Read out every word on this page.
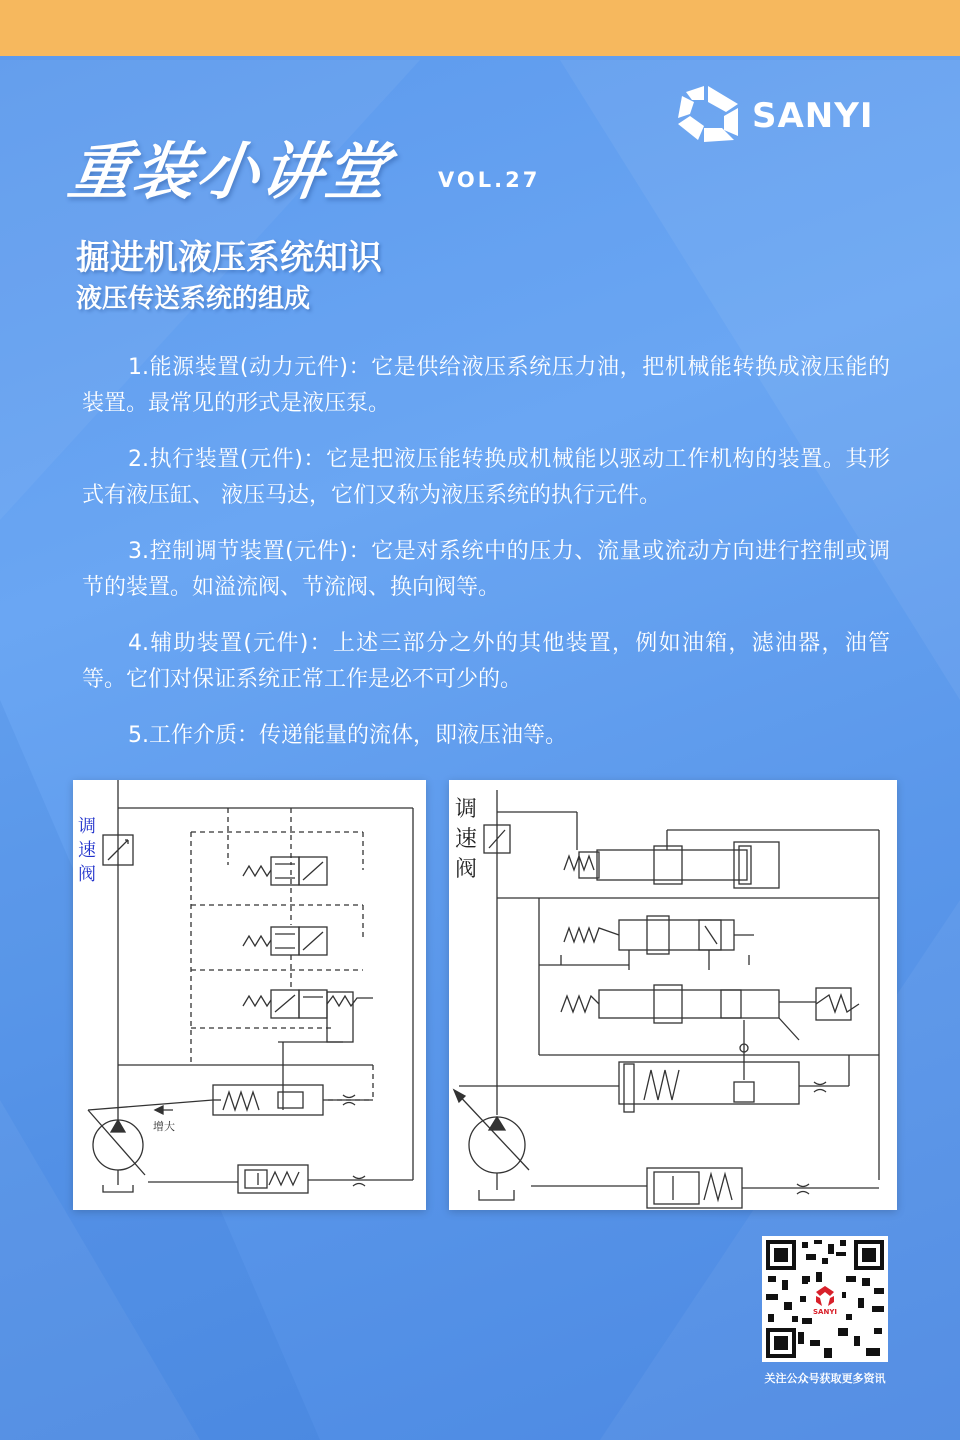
SANYI
重装小讲堂 VOL.27
掘进机液压系统知识
液压传送系统的组成

1.能源装置(动力元件)：它是供给液压系统压力油，把机械能转换成液压能的装置。最常见的形式是液压泵。

2.执行装置(元件)：它是把液压能转换成机械能以驱动工作机构的装置。其形式有液压缸、 液压马达，它们又称为液压系统的执行元件。

3.控制调节装置(元件)：它是对系统中的压力、流量或流动方向进行控制或调节的装置。如溢流阀、节流阀、换向阀等。

4.辅助装置(元件)：上述三部分之外的其他装置，例如油箱，滤油器，油管等。它们对保证系统正常工作是必不可少的。

5.工作介质：传递能量的流体，即液压油等。

调
速
阀
增大
调
速
阀
SANYI
关注公众号获取更多资讯
